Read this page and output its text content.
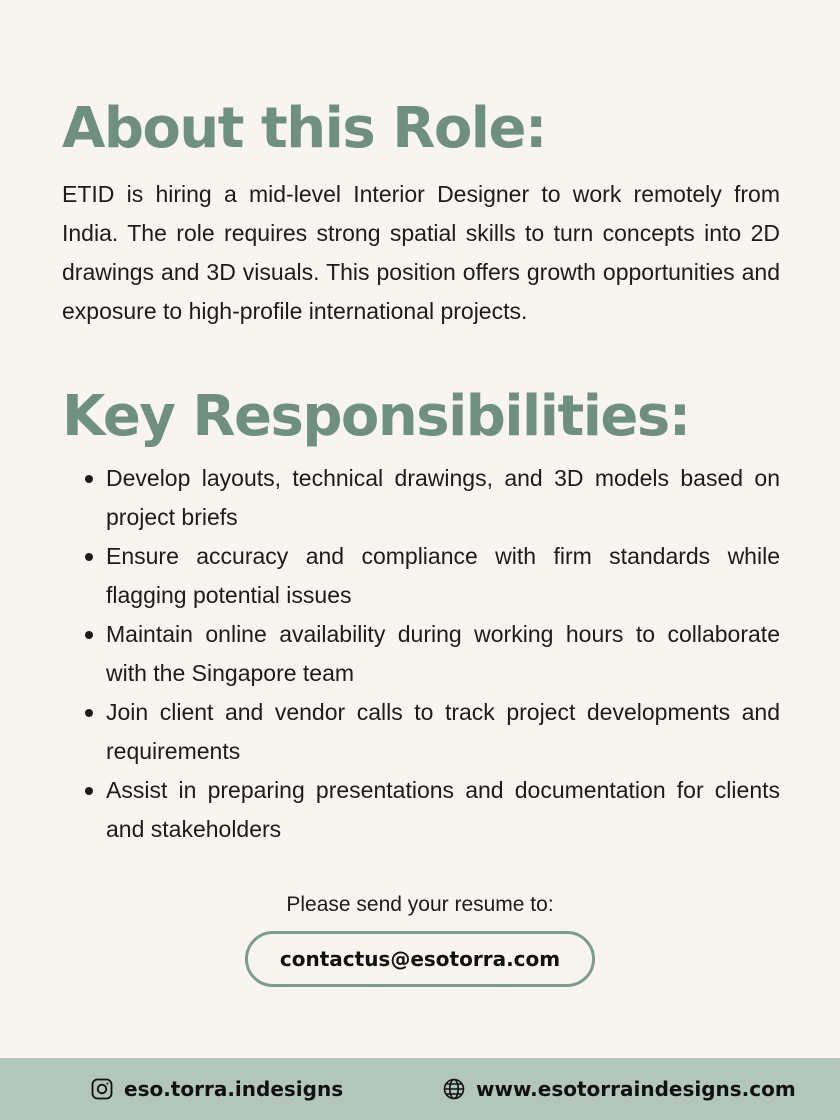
About this Role:

ETID is hiring a mid-level Interior Designer to work remotely from India. The role requires strong spatial skills to turn concepts into 2D drawings and 3D visuals. This position offers growth opportunities and exposure to high-profile international projects.

Key Responsibilities:
Develop layouts, technical drawings, and 3D models based on project briefs
Ensure accuracy and compliance with firm standards while flagging potential issues
Maintain online availability during working hours to collaborate with the Singapore team
Join client and vendor calls to track project developments and requirements
Assist in preparing presentations and documentation for clients and stakeholders
Please send your resume to:
contactus@esotorra.com
eso.torra.indesigns	www.esotorraindesigns.com
